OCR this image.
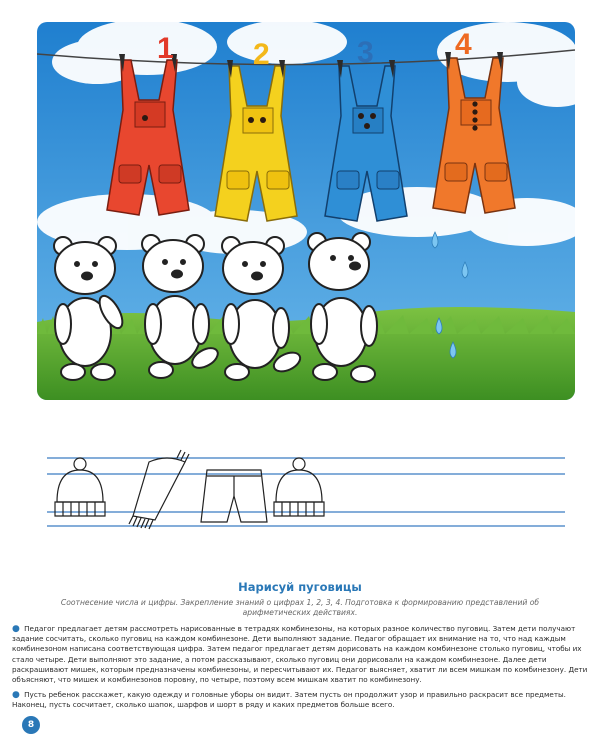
1	2	3	4
Нарисуй пуговицы
Соотнесение числа и цифры. Закрепление знаний о цифрах 1, 2, 3, 4. Подготовка к формированию представлений об арифметических действиях.

● Педагог предлагает детям рассмотреть нарисованные в тетрадях комбинезоны, на которых разное количество пуговиц. Затем дети получают задание сосчитать, сколько пуговиц на каждом комбинезоне. Дети выполняют задание. Педагог обращает их внимание на то, что над каждым комбинезоном написана соответствующая цифра. Затем педагог предлагает детям дорисовать на каждом комбинезоне столько пуговиц, чтобы их стало четыре. Дети выполняют это задание, а потом рассказывают, сколько пуговиц они дорисовали на каждом комбинезоне. Далее дети раскрашивают мишек, которым предназначены комбинезоны, и пересчитывают их. Педагог выясняет, хватит ли всем мишкам по комбинезону. Дети объясняют, что мишек и комбинезонов поровну, по четыре, поэтому всем мишкам хватит по комбинезону.

● Пусть ребенок расскажет, какую одежду и головные уборы он видит. Затем пусть он продолжит узор и правильно раскрасит все предметы. Наконец, пусть сосчитает, сколько шапок, шарфов и шорт в ряду и каких предметов больше всего.

8
